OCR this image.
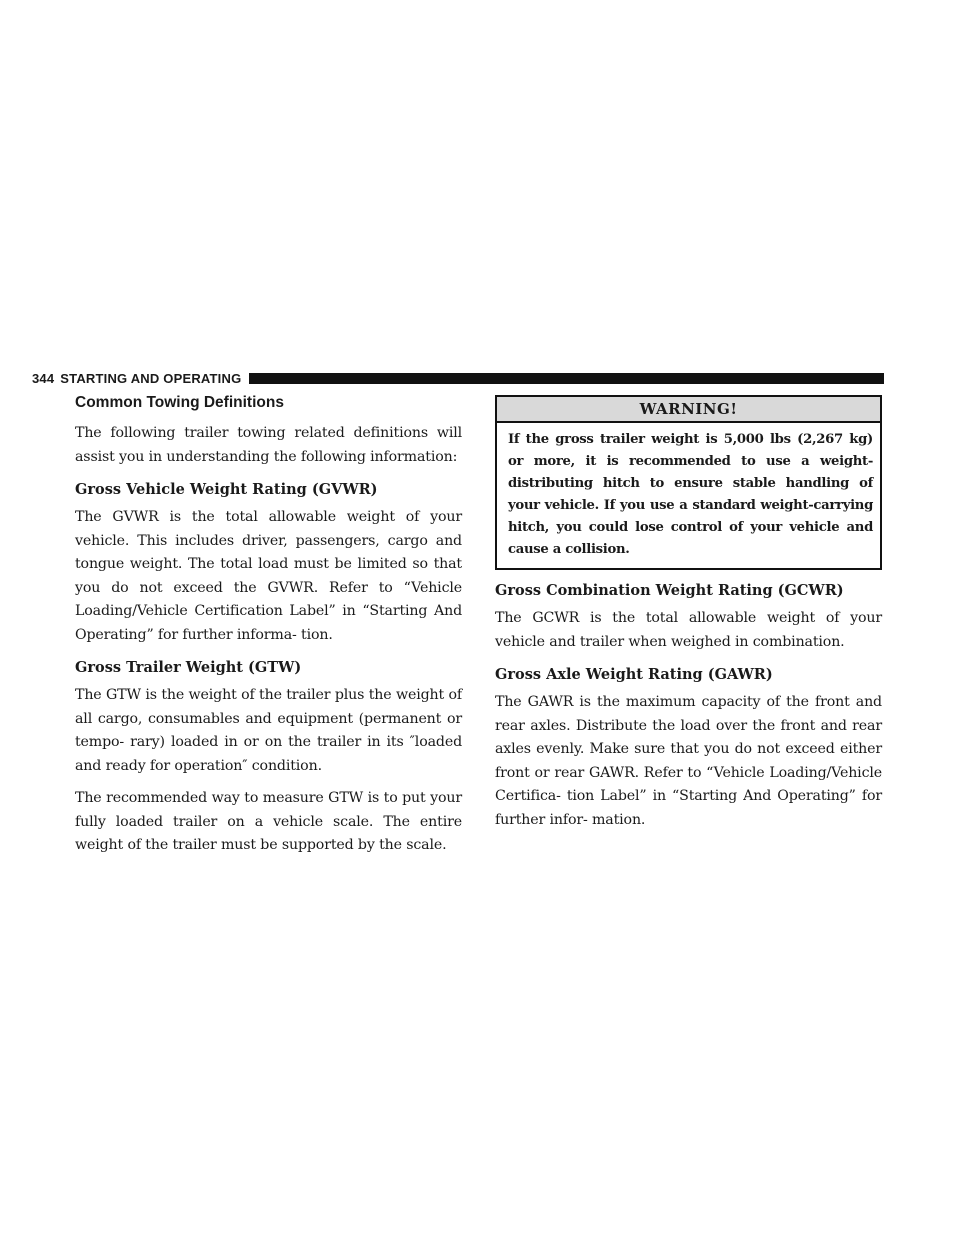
344 STARTING AND OPERATING
Common Towing Definitions

The following trailer towing related definitions will assist you in understanding the following information:

Gross Vehicle Weight Rating (GVWR)

The GVWR is the total allowable weight of your vehicle. This includes driver, passengers, cargo and tongue weight. The total load must be limited so that you do not exceed the GVWR. Refer to “Vehicle Loading/Vehicle Certification Label” in “Starting And Operating” for further informa- tion.

Gross Trailer Weight (GTW)

The GTW is the weight of the trailer plus the weight of all cargo, consumables and equipment (permanent or tempo- rary) loaded in or on the trailer in its ″loaded and ready for operation″ condition.

The recommended way to measure GTW is to put your fully loaded trailer on a vehicle scale. The entire weight of the trailer must be supported by the scale.

WARNING!
If the gross trailer weight is 5,000 lbs (2,267 kg) or more, it is recommended to use a weight-distributing hitch to ensure stable handling of your vehicle. If you use a standard weight-carrying hitch, you could lose control of your vehicle and cause a collision.
Gross Combination Weight Rating (GCWR)

The GCWR is the total allowable weight of your vehicle and trailer when weighed in combination.

Gross Axle Weight Rating (GAWR)

The GAWR is the maximum capacity of the front and rear axles. Distribute the load over the front and rear axles evenly. Make sure that you do not exceed either front or rear GAWR. Refer to “Vehicle Loading/Vehicle Certifica- tion Label” in “Starting And Operating” for further infor- mation.
